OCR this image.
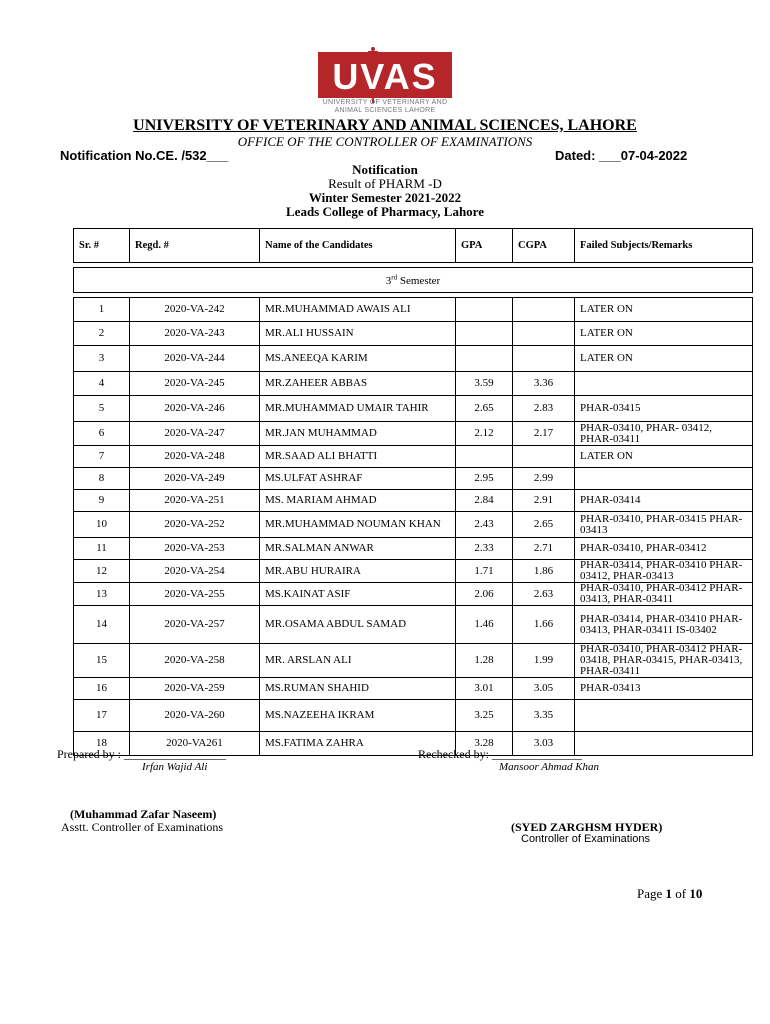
UVAS
UNIVERSITY OF VETERINARY AND
ANIMAL SCIENCES LAHORE
UNIVERSITY OF VETERINARY AND ANIMAL SCIENCES, LAHORE
OFFICE OF THE CONTROLLER OF EXAMINATIONS
Notification No.CE. /532___	Dated: ___07-04-2022
Notification
Result of PHARM -D
Winter Semester 2021-2022
Leads College of Pharmacy, Lahore
Sr. #	Regd. #	Name of the Candidates	GPA	CGPA	Failed Subjects/Remarks

3rd Semester					

1	2020-VA-242	MR.MUHAMMAD AWAIS ALI			LATER ON
2	2020-VA-243	MR.ALI HUSSAIN			LATER ON
3	2020-VA-244	MS.ANEEQA KARIM			LATER ON
4	2020-VA-245	MR.ZAHEER ABBAS	3.59	3.36	
5	2020-VA-246	MR.MUHAMMAD UMAIR TAHIR	2.65	2.83	PHAR-03415
6	2020-VA-247	MR.JAN MUHAMMAD	2.12	2.17	PHAR-03410, PHAR- 03412, PHAR-03411
7	2020-VA-248	MR.SAAD ALI BHATTI			LATER ON
8	2020-VA-249	MS.ULFAT ASHRAF	2.95	2.99	
9	2020-VA-251	MS. MARIAM AHMAD	2.84	2.91	PHAR-03414
10	2020-VA-252	MR.MUHAMMAD NOUMAN KHAN	2.43	2.65	PHAR-03410, PHAR-03415 PHAR-03413
11	2020-VA-253	MR.SALMAN ANWAR	2.33	2.71	PHAR-03410, PHAR-03412
12	2020-VA-254	MR.ABU HURAIRA	1.71	1.86	PHAR-03414, PHAR-03410 PHAR-03412, PHAR-03413
13	2020-VA-255	MS.KAINAT ASIF	2.06	2.63	PHAR-03410, PHAR-03412 PHAR-03413, PHAR-03411
14	2020-VA-257	MR.OSAMA ABDUL SAMAD	1.46	1.66	PHAR-03414, PHAR-03410 PHAR-03413, PHAR-03411 IS-03402
15	2020-VA-258	MR. ARSLAN ALI	1.28	1.99	PHAR-03410, PHAR-03412 PHAR-03418, PHAR-03415, PHAR-03413, PHAR-03411
16	2020-VA-259	MS.RUMAN SHAHID	3.01	3.05	PHAR-03413
17	2020-VA-260	MS.NAZEEHA IKRAM	3.25	3.35	
18	2020-VA261	MS.FATIMA ZAHRA	3.28	3.03	
Prepared by : _________________
Irfan Wajid Ali
Rechecked by: _______________
Mansoor Ahmad Khan
(Muhammad Zafar Naseem)
Asstt. Controller of Examinations	(SYED ZARGHSM HYDER)
Controller of Examinations
Page 1 of 10
